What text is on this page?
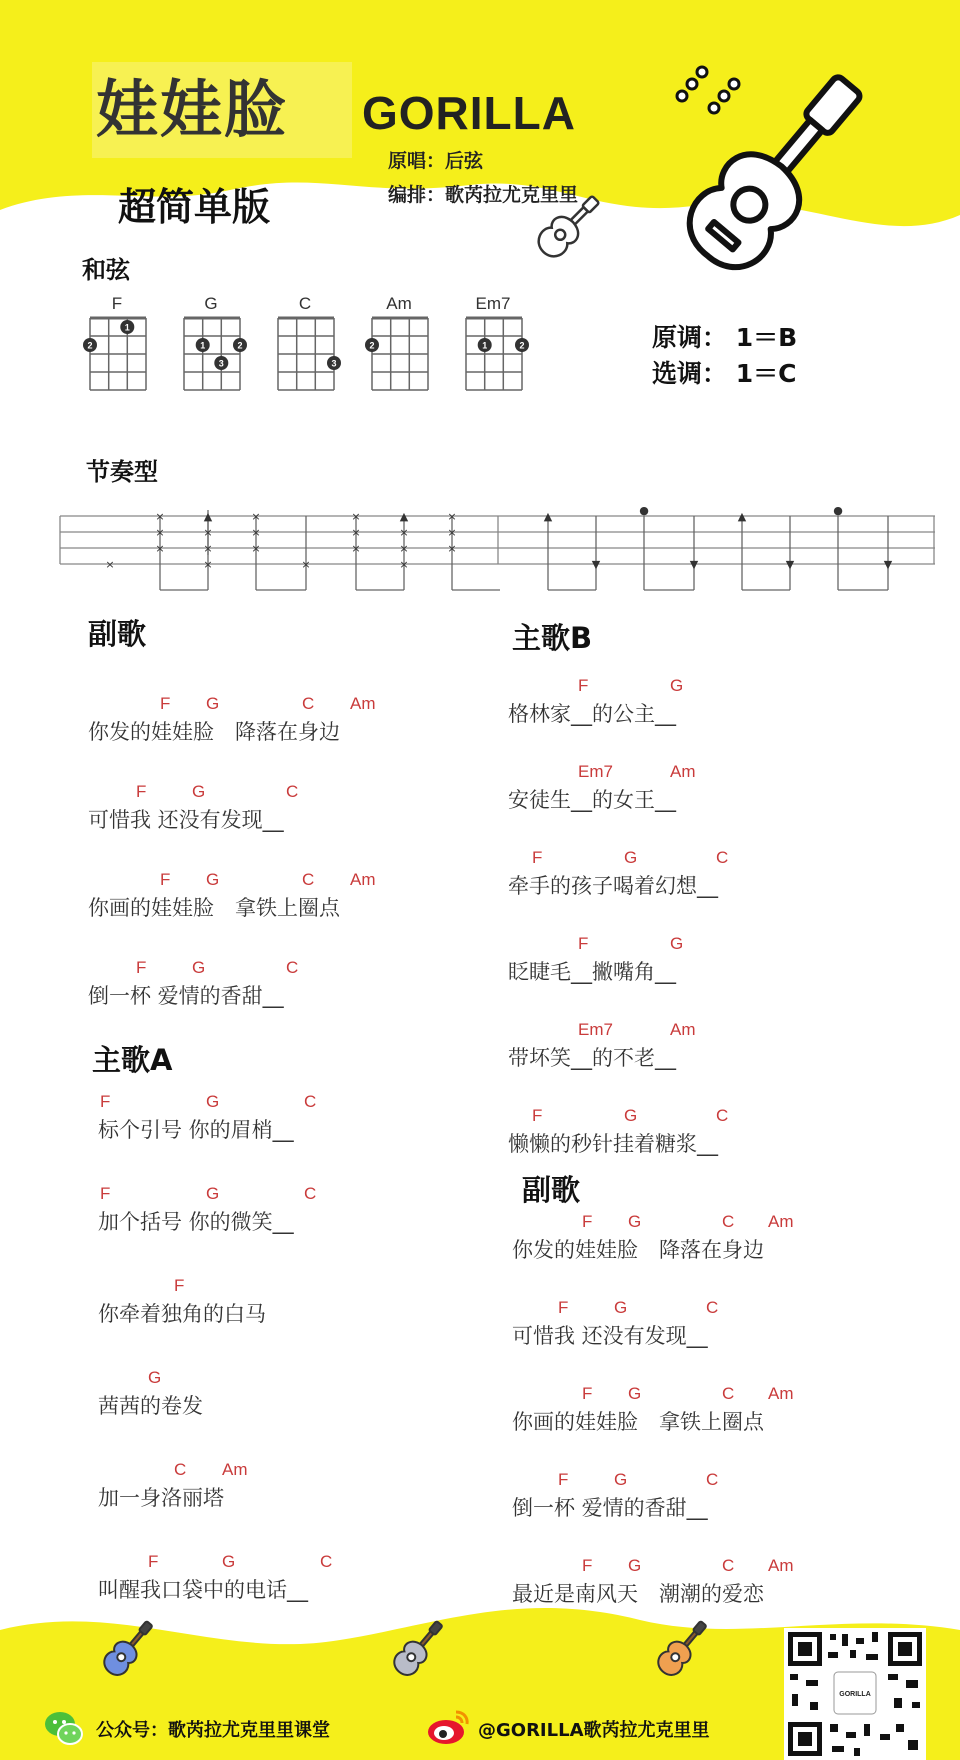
娃娃脸
超简单版
GORILLA
原唱：后弦
编排：歌芮拉尤克里里
和弦
F
1
2
G
1	2
3
C
3
Am
2
Em7
1	2	原调： 1＝B
选调： 1＝C
节奏型
×
×
×
×
▲
×
×
×
×
×
×
×
×
×
×
▲
×
×
×
×
×
×
▲
▼
●
▼
▲
▼
●
▼
副歌
主歌A
主歌B
副歌
F G	C Am
你发的娃娃脸　降落在身边
F	G	C
可惜我 还没有发现__
F G	C Am
你画的娃娃脸　拿铁上圈点
F	G	C
倒一杯 爱情的香甜__
F	G	C
标个引号 你的眉梢__
F	G	C
加个括号 你的微笑__
F
你牵着独角的白马
G
茜茜的卷发
C Am
加一身洛丽塔
F	G	C
叫醒我口袋中的电话__
F	G
格林家__的公主__
Em7	Am
安徒生__的女王__
F	G	C
牵手的孩子喝着幻想__
F	G
眨睫毛__撇嘴角__
Em7	Am
带坏笑__的不老__
F	G	C
懒懒的秒针挂着糖浆__
F G	C Am
你发的娃娃脸　降落在身边
F	G	C
可惜我 还没有发现__
F G	C Am
你画的娃娃脸　拿铁上圈点
F	G	C
倒一杯 爱情的香甜__
F G	C Am
最近是南风天　潮潮的爱恋
公众号：歌芮拉尤克里里课堂	@GORILLA歌芮拉尤克里里
GORILLA
